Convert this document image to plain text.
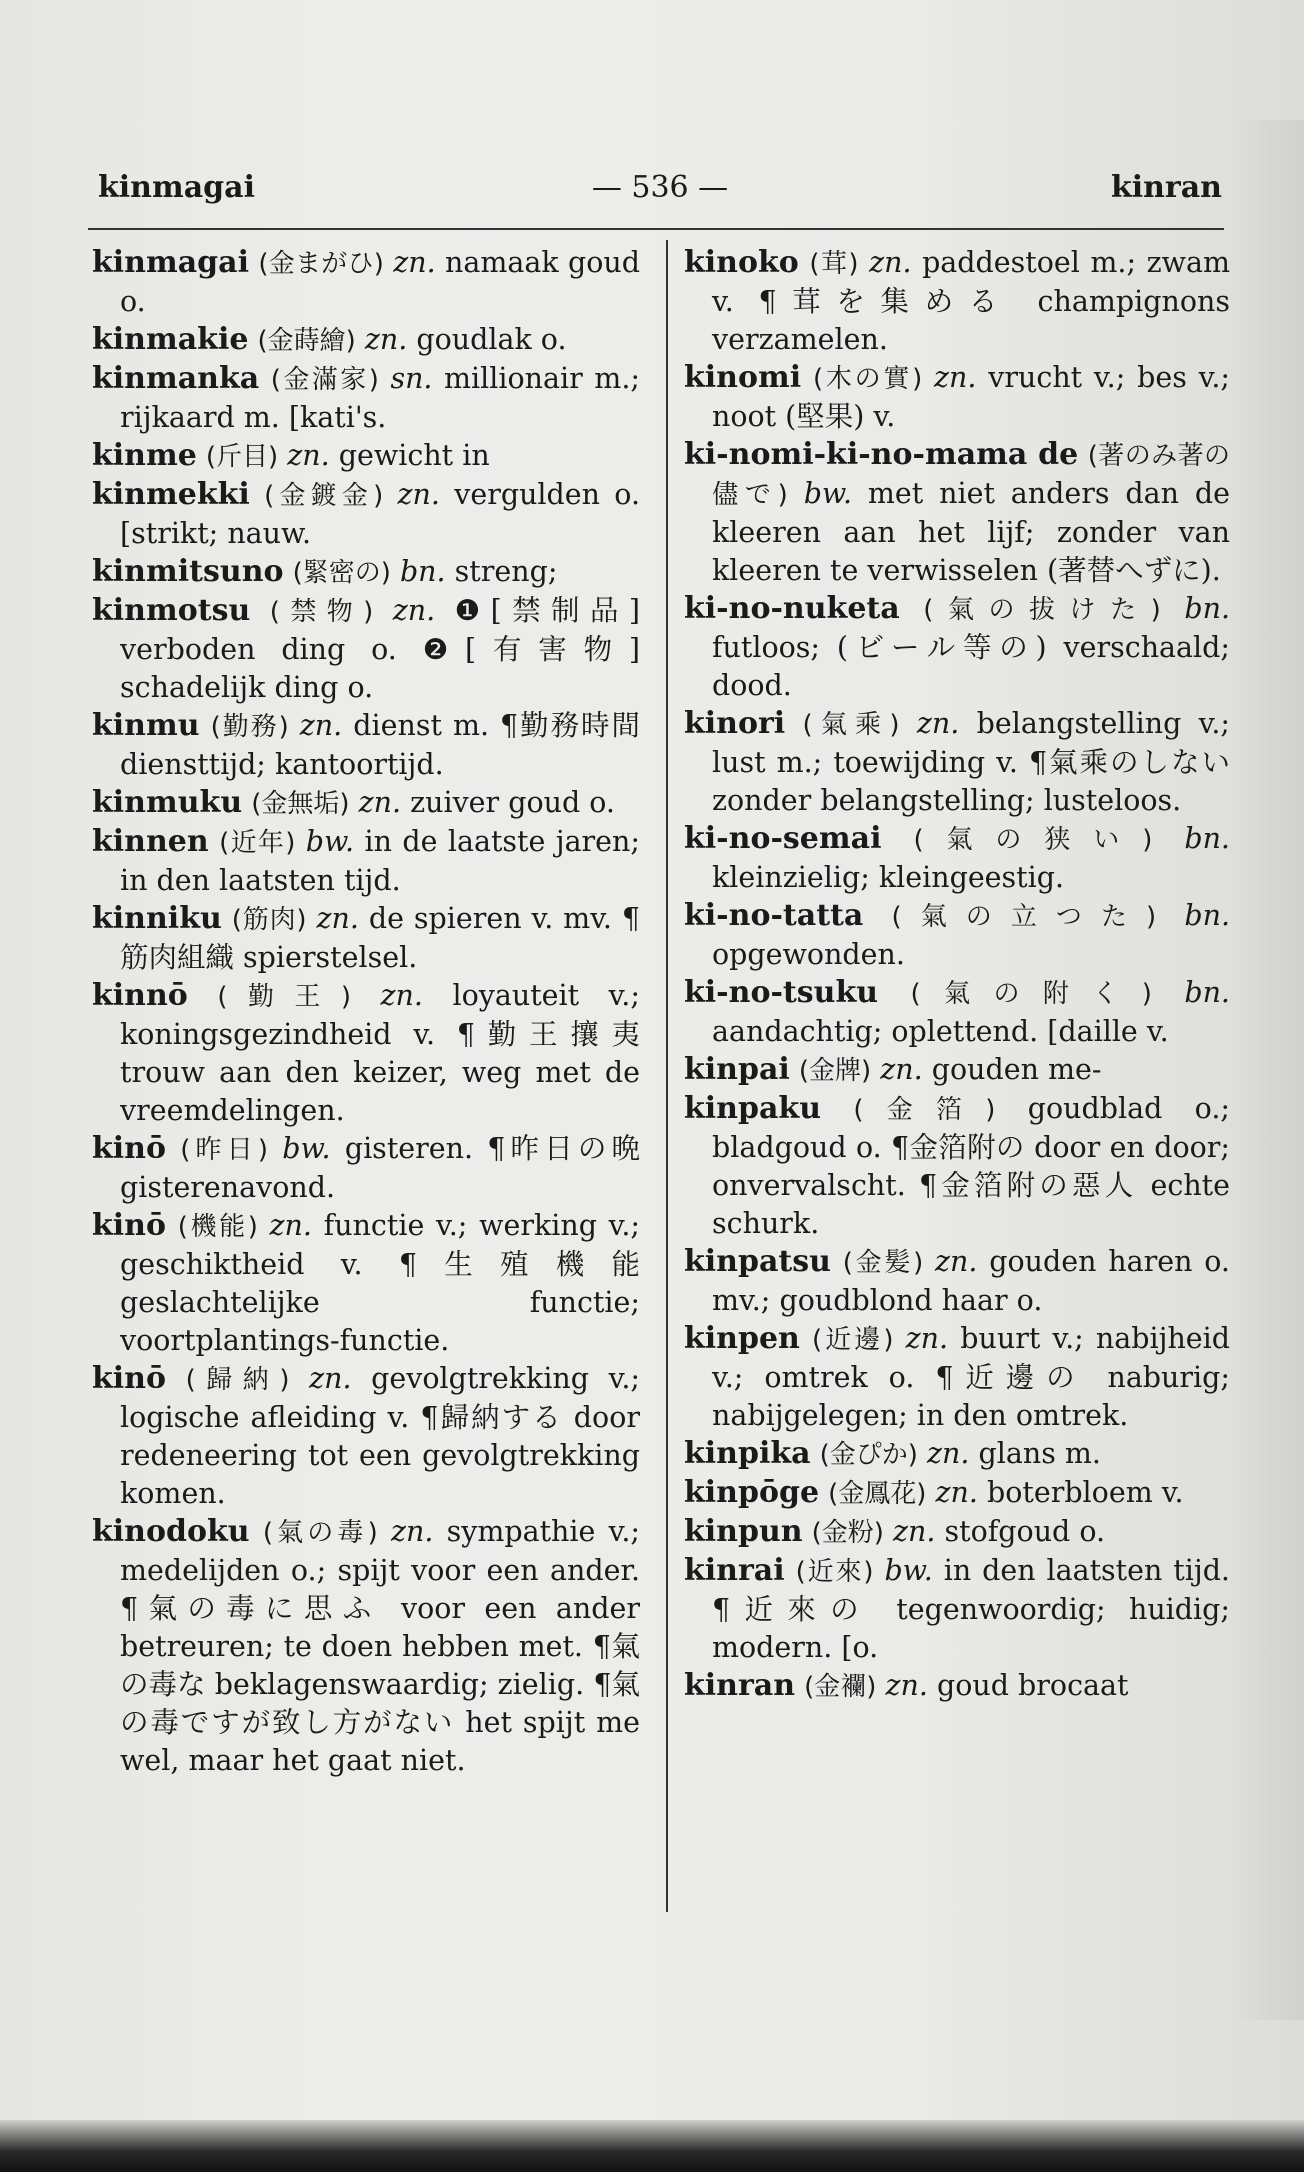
kinmagai	— 536 —	kinran

kinmagai (金まがひ) zn. namaak goud o.

kinmakie (金蒔繪) zn. goudlak o.

kinmanka (金滿家) sn. millionair m.; rijkaard m. [kati's.

kinme (斤目) zn. gewicht in

kinmekki (金鍍金) zn. vergulden o. [strikt; nauw.

kinmitsuno (緊密の) bn. streng;

kinmotsu (禁物) zn. ❶[禁制品] verboden ding o. ❷[有害物] schadelijk ding o.

kinmu (勤務) zn. dienst m. ¶勤務時間 diensttijd; kantoortijd.

kinmuku (金無垢) zn. zuiver goud o.

kinnen (近年) bw. in de laatste jaren; in den laatsten tijd.

kinniku (筋肉) zn. de spieren v. mv. ¶筋肉組織 spierstelsel.

kinnō (勤王) zn. loyauteit v.; koningsgezindheid v. ¶勤王攘夷 trouw aan den keizer, weg met de vreemdelingen.

kinō (昨日) bw. gisteren. ¶昨日の晩 gisterenavond.

kinō (機能) zn. functie v.; werking v.; geschiktheid v. ¶生殖機能 geslachtelijke functie; voortplantings-functie.

kinō (歸納) zn. gevolgtrekking v.; logische afleiding v. ¶歸納する door redeneering tot een gevolgtrekking komen.

kinodoku (氣の毒) zn. sympathie v.; medelijden o.; spijt voor een ander. ¶氣の毒に思ふ voor een ander betreuren; te doen hebben met. ¶氣の毒な beklagenswaardig; zielig. ¶氣の毒ですが致し方がない het spijt me wel, maar het gaat niet.

kinoko (茸) zn. paddestoel m.; zwam v. ¶茸を集める champignons verzamelen.

kinomi (木の實) zn. vrucht v.; bes v.; noot (堅果) v.

ki-nomi-ki-no-mama de (著のみ著の儘で) bw. met niet anders dan de kleeren aan het lijf; zonder van kleeren te verwisselen (著替へずに).

ki-no-nuketa (氣の拔けた) bn. futloos; (ビール等の) verschaald; dood.

kinori (氣乘) zn. belangstelling v.; lust m.; toewijding v. ¶氣乘のしない zonder belangstelling; lusteloos.

ki-no-semai (氣の狭い) bn. kleinzielig; kleingeestig.

ki-no-tatta (氣の立つた) bn. opgewonden.

ki-no-tsuku (氣の附く) bn. aandachtig; oplettend. [daille v.

kinpai (金牌) zn. gouden me-

kinpaku (金箔) goudblad o.; bladgoud o. ¶金箔附の door en door; onvervalscht. ¶金箔附の惡人 echte schurk.

kinpatsu (金髪) zn. gouden haren o. mv.; goudblond haar o.

kinpen (近邊) zn. buurt v.; nabijheid v.; omtrek o. ¶近邊の naburig; nabijgelegen; in den omtrek.

kinpika (金ぴか) zn. glans m.

kinpōge (金鳳花) zn. boterbloem v.

kinpun (金粉) zn. stofgoud o.

kinrai (近來) bw. in den laatsten tijd. ¶近來の tegenwoordig; huidig; modern. [o.

kinran (金襴) zn. goud brocaat
